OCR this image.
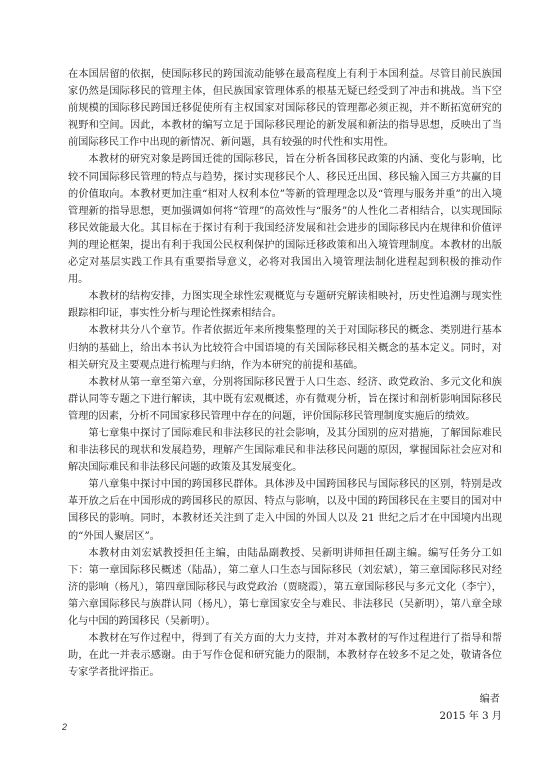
在本国居留的依据，使国际移民的跨国流动能够在最高程度上有利于本国利益。尽管目前民族国家仍然是国际移民的管理主体，但民族国家管理体系的根基无疑已经受到了冲击和挑战。当下空前规模的国际移民跨国迁移促使所有主权国家对国际移民的管理都必须正视，并不断拓宽研究的视野和空间。因此，本教材的编写立足于国际移民理论的新发展和新法的指导思想，反映出了当前国际移民工作中出现的新情况、新问题，具有较强的时代性和实用性。

本教材的研究对象是跨国迁徙的国际移民，旨在分析各国移民政策的内涵、变化与影响，比较不同国际移民管理的特点与趋势，探讨实现移民个人、移民迁出国、移民输入国三方共赢的目的价值取向。本教材更加注重“相对人权利本位”等新的管理理念以及“管理与服务并重”的出入境管理新的指导思想，更加强调如何将“管理”的高效性与“服务”的人性化二者相结合，以实现国际移民效能最大化。其目标在于探讨有利于我国经济发展和社会进步的国际移民内在规律和价值评判的理论框架，提出有利于我国公民权利保护的国际迁移政策和出入境管理制度。本教材的出版必定对基层实践工作具有重要指导意义，必将对我国出入境管理法制化进程起到积极的推动作用。

本教材的结构安排，力图实现全球性宏观概览与专题研究解读相映衬，历史性追溯与现实性跟踪相印证，事实性分析与理论性探索相结合。

本教材共分八个章节。作者依据近年来所搜集整理的关于对国际移民的概念、类别进行基本归纳的基础上，给出本书认为比较符合中国语境的有关国际移民相关概念的基本定义。同时，对相关研究及主要观点进行梳理与归纳，作为本研究的前提和基础。

本教材从第一章至第六章，分别将国际移民置于人口生态、经济、政党政治、多元文化和族群认同等专题之下进行解读，其中既有宏观概述，亦有微观分析，旨在探讨和剖析影响国际移民管理的因素，分析不同国家移民管理中存在的问题，评价国际移民管理制度实施后的绩效。

第七章集中探讨了国际难民和非法移民的社会影响，及其分国别的应对措施，了解国际难民和非法移民的现状和发展趋势，理解产生国际难民和非法移民问题的原因，掌握国际社会应对和解决国际难民和非法移民问题的政策及其发展变化。

第八章集中探讨中国的跨国移民群体。具体涉及中国跨国移民与国际移民的区别，特别是改革开放之后在中国形成的跨国移民的原因、特点与影响，以及中国的跨国移民在主要目的国对中国移民的影响。同时，本教材还关注到了走入中国的外国人以及 21 世纪之后才在中国境内出现的“外国人聚居区”。

本教材由刘宏斌教授担任主编，由陆晶副教授、吴新明讲师担任副主编。编写任务分工如下：第一章国际移民概述（陆晶），第二章人口生态与国际移民（刘宏斌），第三章国际移民对经济的影响（杨凡），第四章国际移民与政党政治（贾晓霞），第五章国际移民与多元文化（李宁），第六章国际移民与族群认同（杨凡），第七章国家安全与难民、非法移民（吴新明），第八章全球化与中国的跨国移民（吴新明）。

本教材在写作过程中，得到了有关方面的大力支持，并对本教材的写作过程进行了指导和帮助，在此一并表示感谢。由于写作仓促和研究能力的限制，本教材存在较多不足之处，敬请各位专家学者批评指正。

编者

2015 年 3 月

2
